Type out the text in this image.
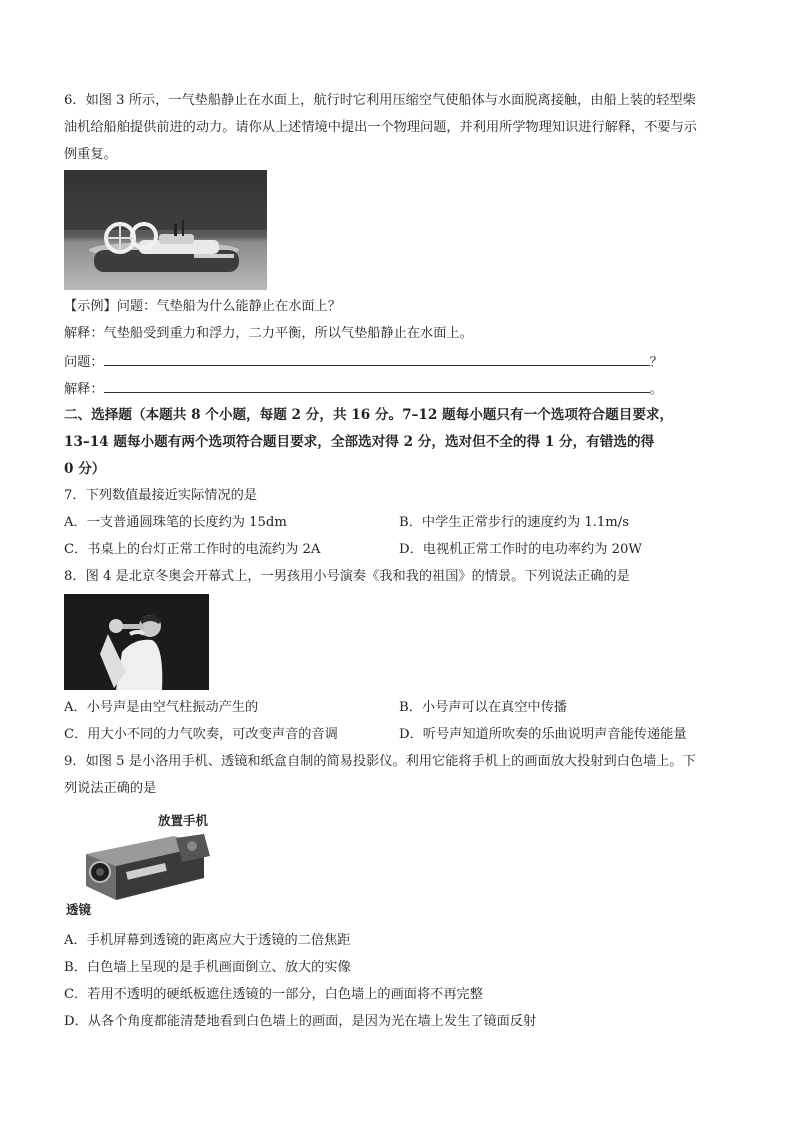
6．如图 3 所示，一气垫船静止在水面上，航行时它利用压缩空气使船体与水面脱离接触，由船上装的轻型柴
油机给船舶提供前进的动力。请你从上述情境中提出一个物理问题，并利用所学物理知识进行解释，不要与示
例重复。
【示例】问题：气垫船为什么能静止在水面上？
解释：气垫船受到重力和浮力，二力平衡，所以气垫船静止在水面上。
问题：	？
解释：	。
二、选择题（本题共 8 个小题，每题 2 分，共 16 分。7–12 题每小题只有一个选项符合题目要求，
13–14 题每小题有两个选项符合题目要求，全部选对得 2 分，选对但不全的得 1 分，有错选的得
0 分）
7．下列数值最接近实际情况的是
A．一支普通圆珠笔的长度约为 15dm	B．中学生正常步行的速度约为 1.1m/s
C．书桌上的台灯正常工作时的电流约为 2A	D．电视机正常工作时的电功率约为 20W
8．图 4 是北京冬奥会开幕式上，一男孩用小号演奏《我和我的祖国》的情景。下列说法正确的是
A．小号声是由空气柱振动产生的	B．小号声可以在真空中传播
C．用大小不同的力气吹奏，可改变声音的音调	D．听号声知道所吹奏的乐曲说明声音能传递能量
9．如图 5 是小洛用手机、透镜和纸盒自制的简易投影仪。利用它能将手机上的画面放大投射到白色墙上。下
列说法正确的是
放置手机
透镜
A．手机屏幕到透镜的距离应大于透镜的二倍焦距
B．白色墙上呈现的是手机画面倒立、放大的实像
C．若用不透明的硬纸板遮住透镜的一部分，白色墙上的画面将不再完整
D．从各个角度都能清楚地看到白色墙上的画面，是因为光在墙上发生了镜面反射
